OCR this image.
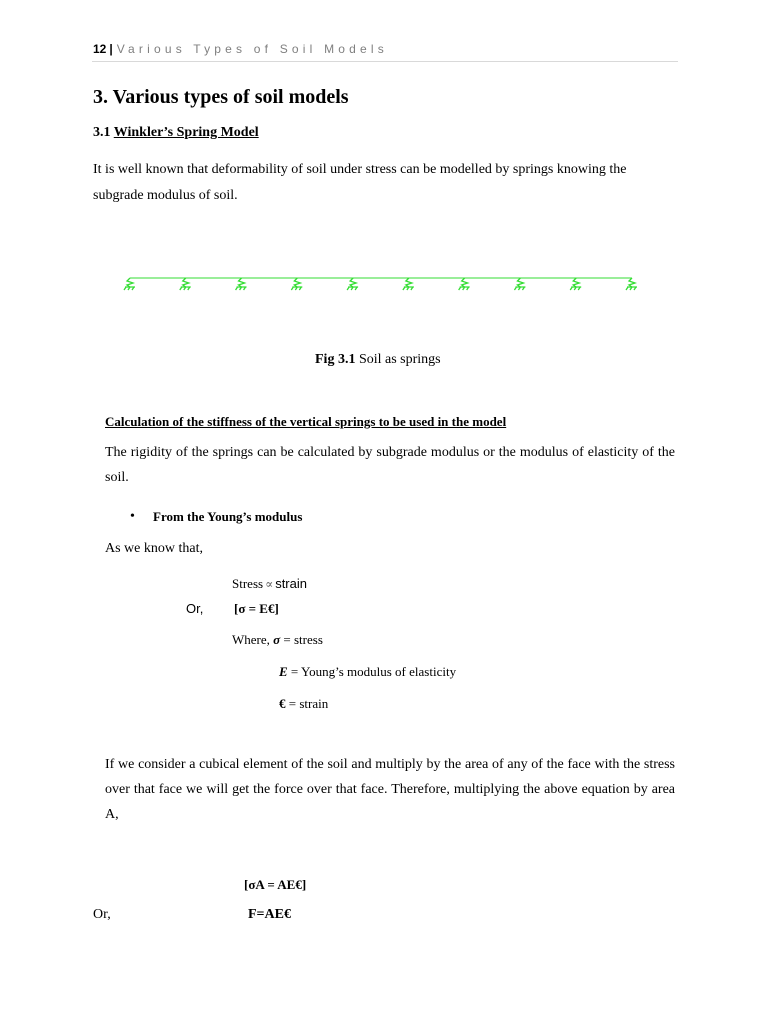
12 | Various Types of Soil Models
3. Various types of soil models
3.1 Winkler’s Spring Model
It is well known that deformability of soil under stress can be modelled by springs knowing the subgrade modulus of soil.
Fig 3.1 Soil as springs
Calculation of the stiffness of the vertical springs to be used in the model
The rigidity of the springs can be calculated by subgrade modulus or the modulus of elasticity of the soil.
• From the Young’s modulus
As we know that,
Stress ∝ strain
Or, [σ = E€]
Where, σ = stress
E = Young’s modulus of elasticity
€ = strain
If we consider a cubical element of the soil and multiply by the area of any of the face with the stress over that face we will get the force over that face. Therefore, multiplying the above equation by area A,
[σA = AE€]
Or,	F=AE€
